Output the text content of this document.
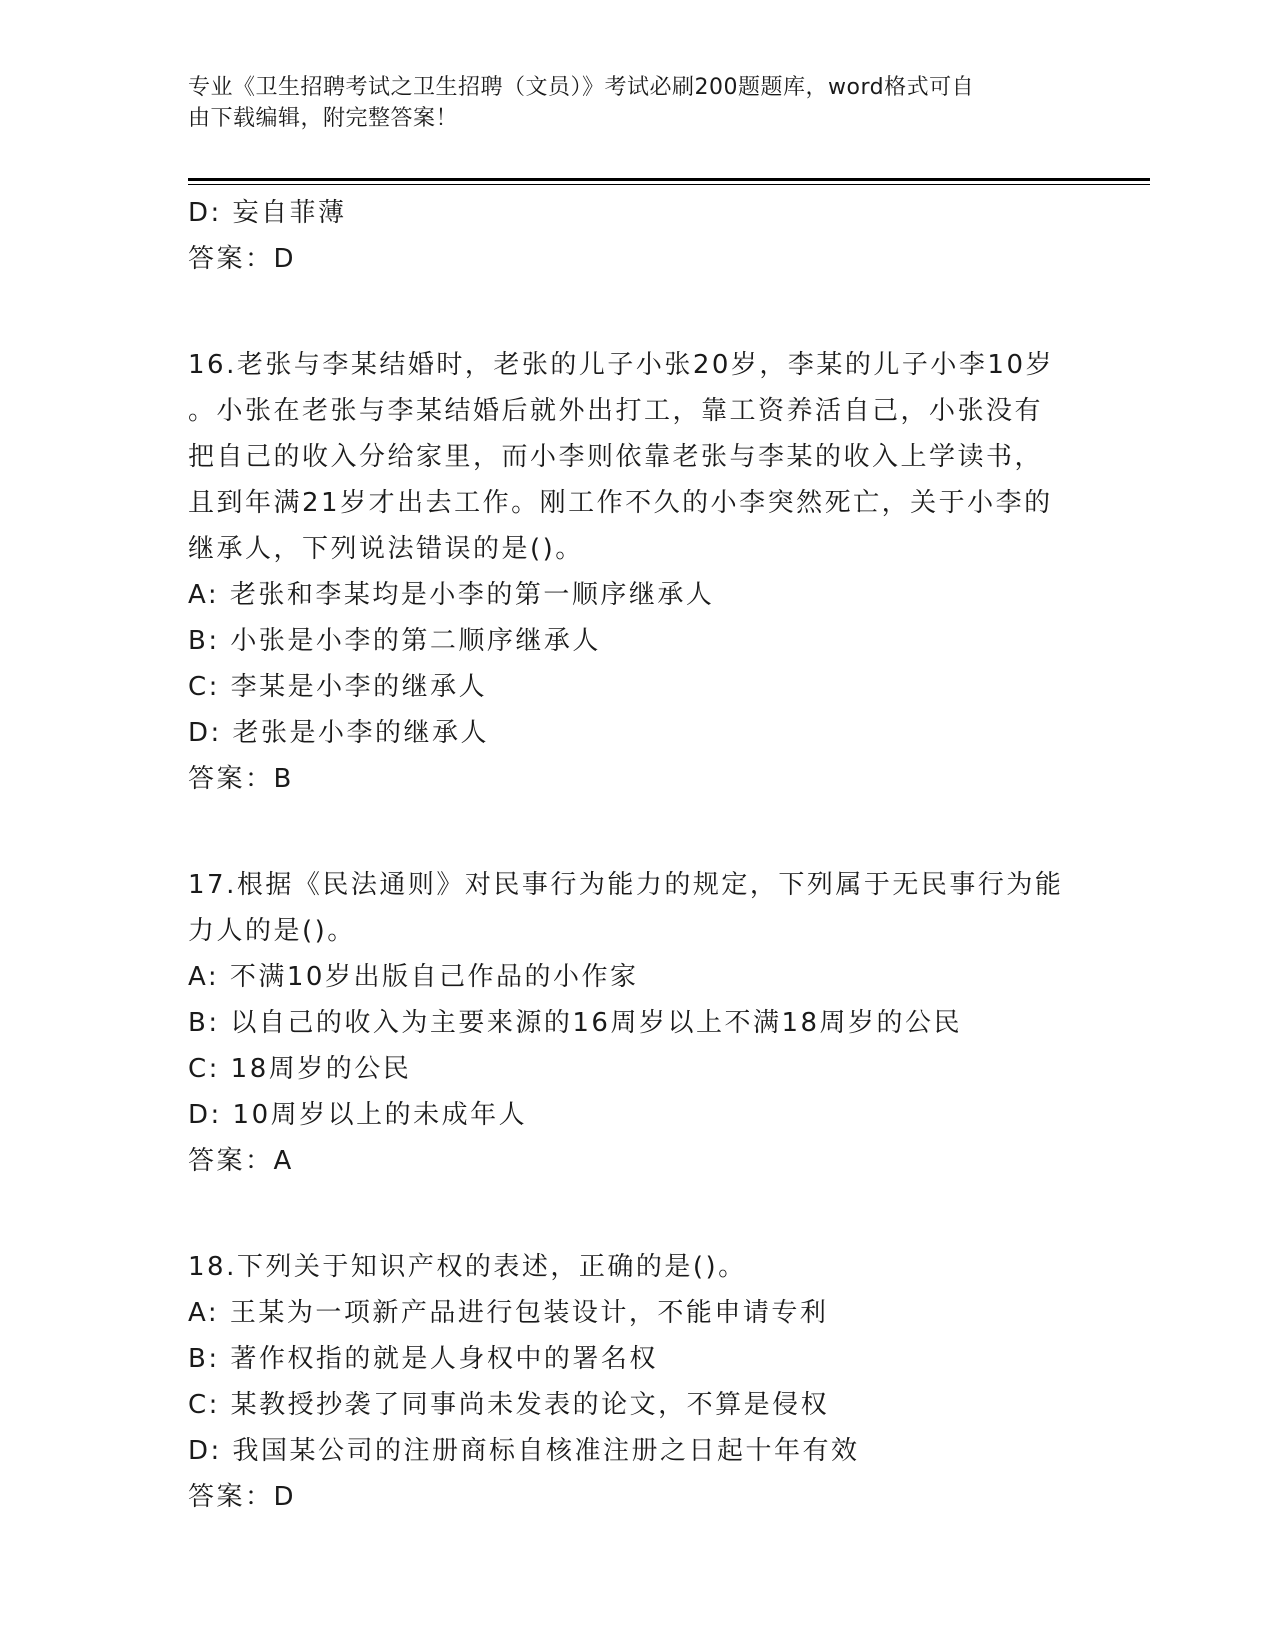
专业《卫生招聘考试之卫生招聘（文员）》考试必刷200题题库，word格式可自

由下载编辑，附完整答案！

D: 妄自菲薄

答案：D

16.老张与李某结婚时，老张的儿子小张20岁，李某的儿子小李10岁

。小张在老张与李某结婚后就外出打工，靠工资养活自己，小张没有

把自己的收入分给家里，而小李则依靠老张与李某的收入上学读书，

且到年满21岁才出去工作。刚工作不久的小李突然死亡，关于小李的

继承人，下列说法错误的是()。

A: 老张和李某均是小李的第一顺序继承人

B: 小张是小李的第二顺序继承人

C: 李某是小李的继承人

D: 老张是小李的继承人

答案：B

17.根据《民法通则》对民事行为能力的规定，下列属于无民事行为能

力人的是()。

A: 不满10岁出版自己作品的小作家

B: 以自己的收入为主要来源的16周岁以上不满18周岁的公民

C: 18周岁的公民

D: 10周岁以上的未成年人

答案：A

18.下列关于知识产权的表述，正确的是()。

A: 王某为一项新产品进行包装设计，不能申请专利

B: 著作权指的就是人身权中的署名权

C: 某教授抄袭了同事尚未发表的论文，不算是侵权

D: 我国某公司的注册商标自核准注册之日起十年有效

答案：D
